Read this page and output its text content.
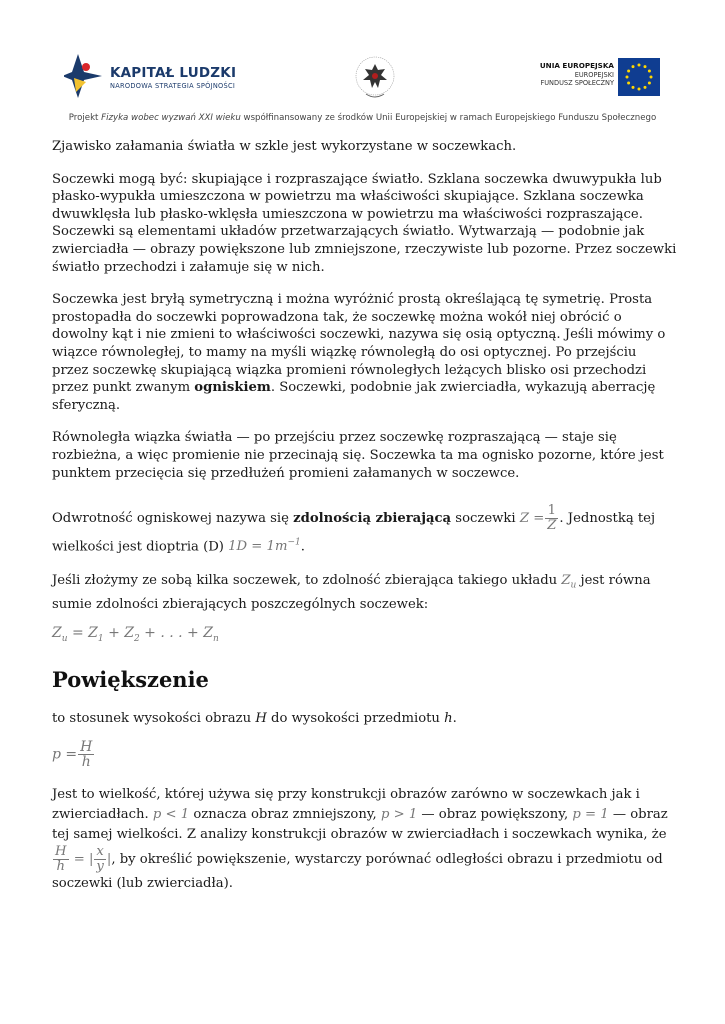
KAPITAŁ LUDZKI
NARODOWA STRATEGIA SPÓJNOŚCI
UNIA EUROPEJSKA
EUROPEJSKI
FUNDUSZ SPOŁECZNY
Projekt Fizyka wobec wyzwań XXI wieku współfinansowany ze środków Unii Europejskiej w ramach Europejskiego Funduszu Społecznego

Zjawisko załamania światła w szkle jest wykorzystane w soczewkach.

Soczewki mogą być: skupiające i rozpraszające światło. Szklana soczewka dwuwypukła lub płasko-wypukła umieszczona w powietrzu ma właściwości skupiające. Szklana soczewka dwuwklęsła lub płasko-wklęsła umieszczona w powietrzu ma właściwości rozpraszające. Soczewki są elementami układów przetwarzających światło. Wytwarzają — podobnie jak zwierciadła — obrazy powiększone lub zmniejszone, rzeczywiste lub pozorne. Przez soczewki światło przechodzi i załamuje się w nich.

Soczewka jest bryłą symetryczną i można wyróżnić prostą określającą tę symetrię. Prosta prostopadła do soczewki poprowadzona tak, że soczewkę można wokół niej obrócić o dowolny kąt i nie zmieni to właściwości soczewki, nazywa się osią optyczną. Jeśli mówimy o wiązce równoległej, to mamy na myśli wiązkę równoległą do osi optycznej. Po przejściu przez soczewkę skupiającą wiązka promieni równoległych leżących blisko osi przechodzi przez punkt zwanym ogniskiem. Soczewki, podobnie jak zwierciadła, wykazują aberrację sferyczną.

Równoległa wiązka światła — po przejściu przez soczewkę rozpraszającą — staje się rozbieżna, a więc promienie nie przecinają się. Soczewka ta ma ognisko pozorne, które jest punktem przecięcia się przedłużeń promieni załamanych w soczewce.

Odwrotność ogniskowej nazywa się zdolnością zbierającą soczewki $Z = \frac{1}{Z}$ . Jednostką tej wielkości jest dioptria (D) $1D = 1m^{-1}$.

Jeśli złożymy ze sobą kilka soczewek, to zdolność zbierająca takiego układu $Z_u$ jest równa sumie zdolności zbierających poszczególnych soczewek:

$Z_u = Z_1 + Z_2$ + . . . + $Z_n$
Powiększenie

to stosunek wysokości obrazu H do wysokości przedmiotu h.

$p = \frac{H}{h}$

Jest to wielkość, której używa się przy konstrukcji obrazów zarówno w soczewkach jak i zwierciadłach. p < 1 oznacza obraz zmniejszony, p > 1 — obraz powiększony, p = 1 — obraz tej samej wielkości. Z analizy konstrukcji obrazów w zwierciadłach i soczewkach wynika, że
$\frac{H}{h}$ = | $\frac{x}{y}$ |, by określić powiększenie, wystarczy porównać odległości obrazu i przedmiotu od soczewki (lub zwierciadła).
